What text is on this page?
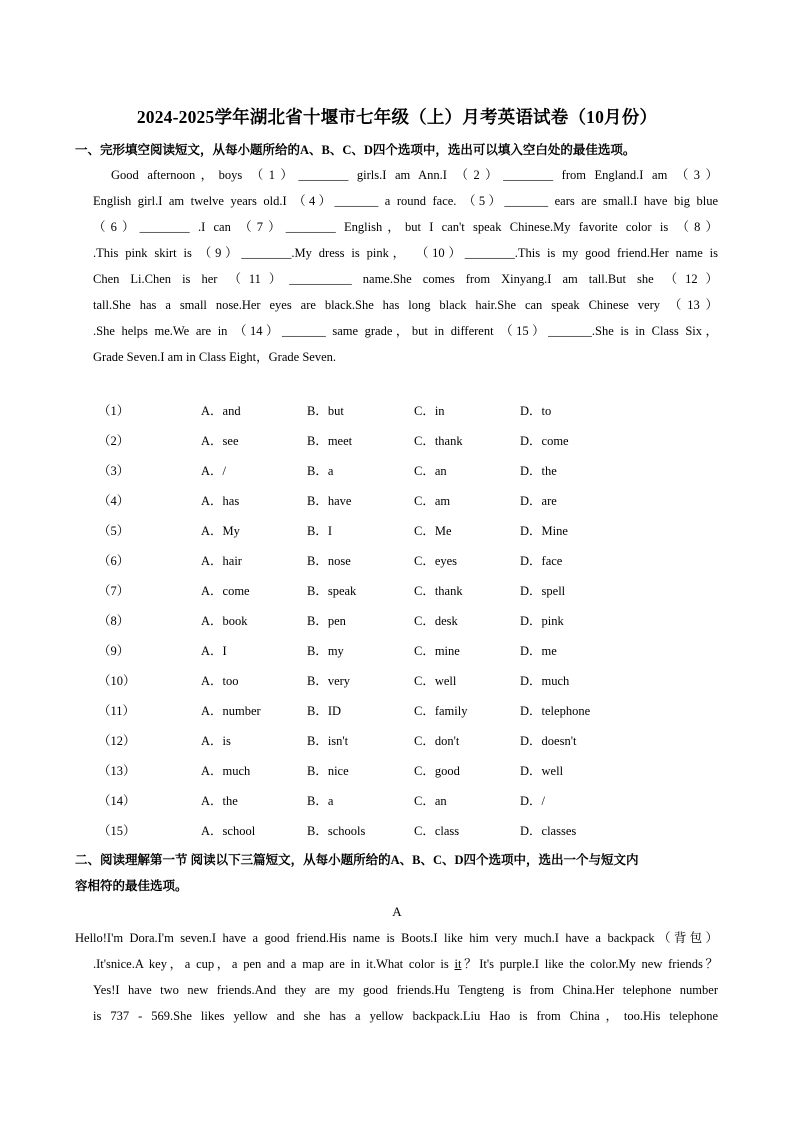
2024-2025学年湖北省十堰市七年级（上）月考英语试卷（10月份）
一、完形填空阅读短文，从每小题所给的A、B、C、D四个选项中，选出可以填入空白处的最佳选项。
Good afternoon，boys （1）________ girls.I am Ann.I （2）________ from England.I am （3）
English girl.I am twelve years old.I （4）_______ a round face. （5）_______ ears are small.I have big blue
（6）________ .I can （7）________ English，but I can't speak Chinese.My favorite color is （8）
.This pink skirt is （9）________.My dress is pink， （10）________.This is my good friend.Her name is
Chen Li.Chen is her （11）__________ name.She comes from Xinyang.I am tall.But she （12）
tall.She has a small nose.Her eyes are black.She has long black hair.She can speak Chinese very （13）
.She helps me.We are in （14）_______ same grade，but in different （15）_______.She is in Class Six，
Grade Seven.I am in Class Eight，Grade Seven.
（1）	A．and	B．but	C．in	D．to
（2）	A．see	B．meet	C．thank	D．come
（3）	A．/	B．a	C．an	D．the
（4）	A．has	B．have	C．am	D．are
（5）	A．My	B．I	C．Me	D．Mine
（6）	A．hair	B．nose	C．eyes	D．face
（7）	A．come	B．speak	C．thank	D．spell
（8）	A．book	B．pen	C．desk	D．pink
（9）	A．I	B．my	C．mine	D．me
（10）	A．too	B．very	C．well	D．much
（11）	A．number	B．ID	C．family	D．telephone
（12）	A．is	B．isn't	C．don't	D．doesn't
（13）	A．much	B．nice	C．good	D．well
（14）	A．the	B．a	C．an	D．/
（15）	A．school	B．schools	C．class	D．classes
二、阅读理解第一节 阅读以下三篇短文，从每小题所给的A、B、C、D四个选项中，选出一个与短文内
容相符的最佳选项。
A
Hello!I'm Dora.I'm seven.I have a good friend.His name is Boots.I like him very much.I have a backpack（背包）
.It'snice.A key，a cup，a pen and a map are in it.What color is it？It's purple.I like the color.My new friends？
Yes!I have two new friends.And they are my good friends.Hu Tengteng is from China.Her telephone number
is 737 - 569.She likes yellow and she has a yellow backpack.Liu Hao is from China，too.His telephone
